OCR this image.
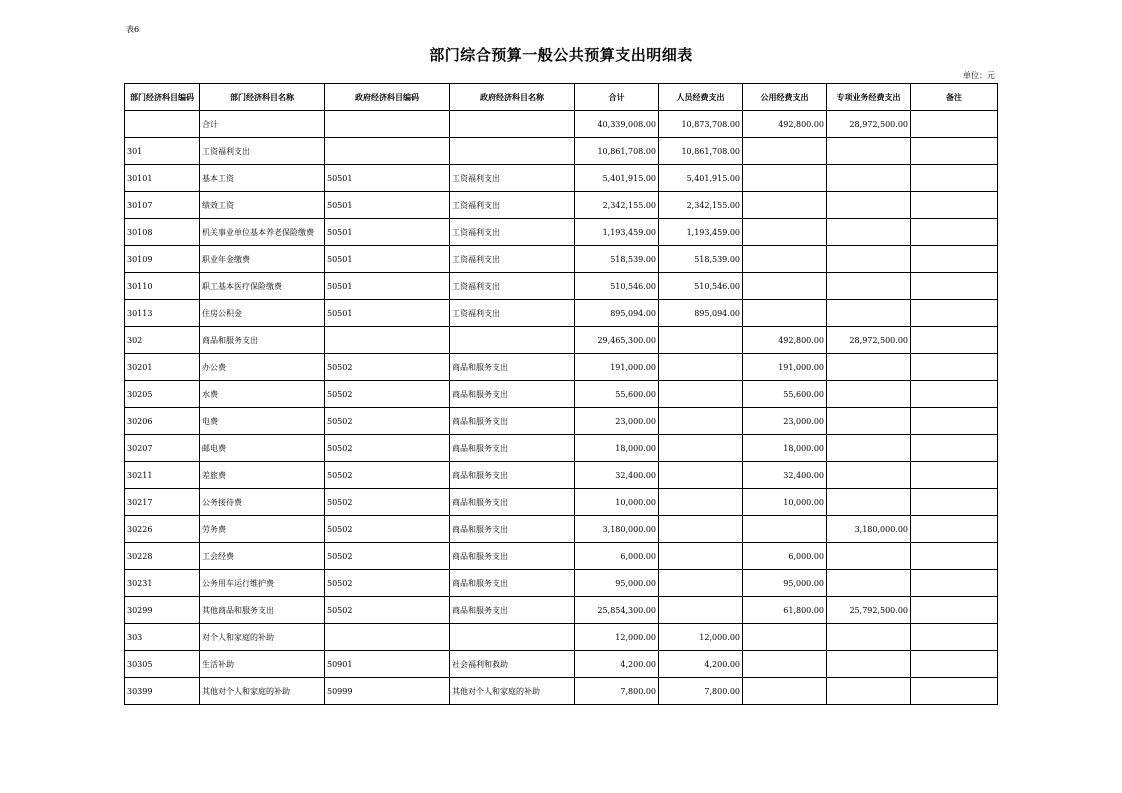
表6
部门综合预算一般公共预算支出明细表
单位：元
部门经济科目编码	部门经济科目名称	政府经济科目编码	政府经济科目名称	合计	人员经费支出	公用经费支出	专项业务经费支出	备注
	合计			40,339,008.00	10,873,708.00	492,800.00	28,972,500.00	
301	工资福利支出			10,861,708.00	10,861,708.00			
30101	基本工资	50501	工资福利支出	5,401,915.00	5,401,915.00			
30107	绩效工资	50501	工资福利支出	2,342,155.00	2,342,155.00			
30108	机关事业单位基本养老保险缴费	50501	工资福利支出	1,193,459.00	1,193,459.00			
30109	职业年金缴费	50501	工资福利支出	518,539.00	518,539.00			
30110	职工基本医疗保险缴费	50501	工资福利支出	510,546.00	510,546.00			
30113	住房公积金	50501	工资福利支出	895,094.00	895,094.00			
302	商品和服务支出			29,465,300.00		492,800.00	28,972,500.00	
30201	办公费	50502	商品和服务支出	191,000.00		191,000.00		
30205	水费	50502	商品和服务支出	55,600.00		55,600.00		
30206	电费	50502	商品和服务支出	23,000.00		23,000.00		
30207	邮电费	50502	商品和服务支出	18,000.00		18,000.00		
30211	差旅费	50502	商品和服务支出	32,400.00		32,400.00		
30217	公务接待费	50502	商品和服务支出	10,000.00		10,000.00		
30226	劳务费	50502	商品和服务支出	3,180,000.00			3,180,000.00	
30228	工会经费	50502	商品和服务支出	6,000.00		6,000.00		
30231	公务用车运行维护费	50502	商品和服务支出	95,000.00		95,000.00		
30299	其他商品和服务支出	50502	商品和服务支出	25,854,300.00		61,800.00	25,792,500.00	
303	对个人和家庭的补助			12,000.00	12,000.00			
30305	生活补助	50901	社会福利和救助	4,200.00	4,200.00			
30399	其他对个人和家庭的补助	50999	其他对个人和家庭的补助	7,800.00	7,800.00			
